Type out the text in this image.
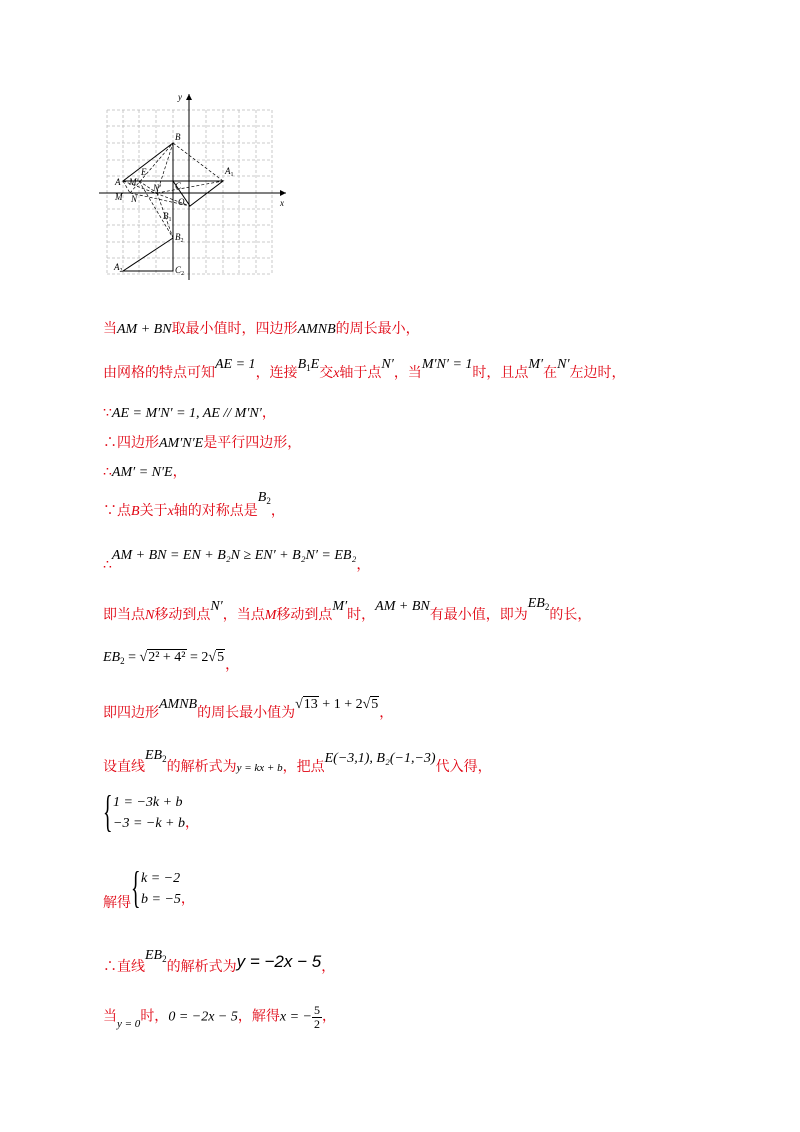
y
x
B
A
$A_1$
M'
E
M N
N' C
O
$B_1$
$B_2$
$A_2$	$C_2$
当AM + BN取最小值时，四边形AMNB的周长最小，
由网格的特点可知AE = 1，连接$B_1E$交x轴于点N′，当M′N′ = 1时，且点M′在N′左边时，
∵AE = M′N′ = 1, AE // M′N′，
∴四边形AM′N′E是平行四边形，
∴AM′ = N′E，
∵点B关于x轴的对称点是$B_2$，
∴AM + BN = EN + B₂N ≥ EN′ + B₂N′ = EB₂，
即当点N移动到点N′，当点M移动到点M′时，AM + BN有最小值，即为$EB_2$的长，
$EB_2 = √2^2 + 4^2 = 2√5$，
即四边形AMNB的周长最小值为√13 + 1 + 2√5，
设直线$EB_2$的解析式为y = kx + b，把点E(−3,1), B₂(−1,−3)代入得，
{ 1 = −3k + b
−3 = −k + b，
解得 { k = −2
b = −5，
∴直线$EB_2$的解析式为y = −2x − 5，
当$_{y = 0}$时，0 = −2x − 5，解得x = − $\frac{5}{2}$ ，
